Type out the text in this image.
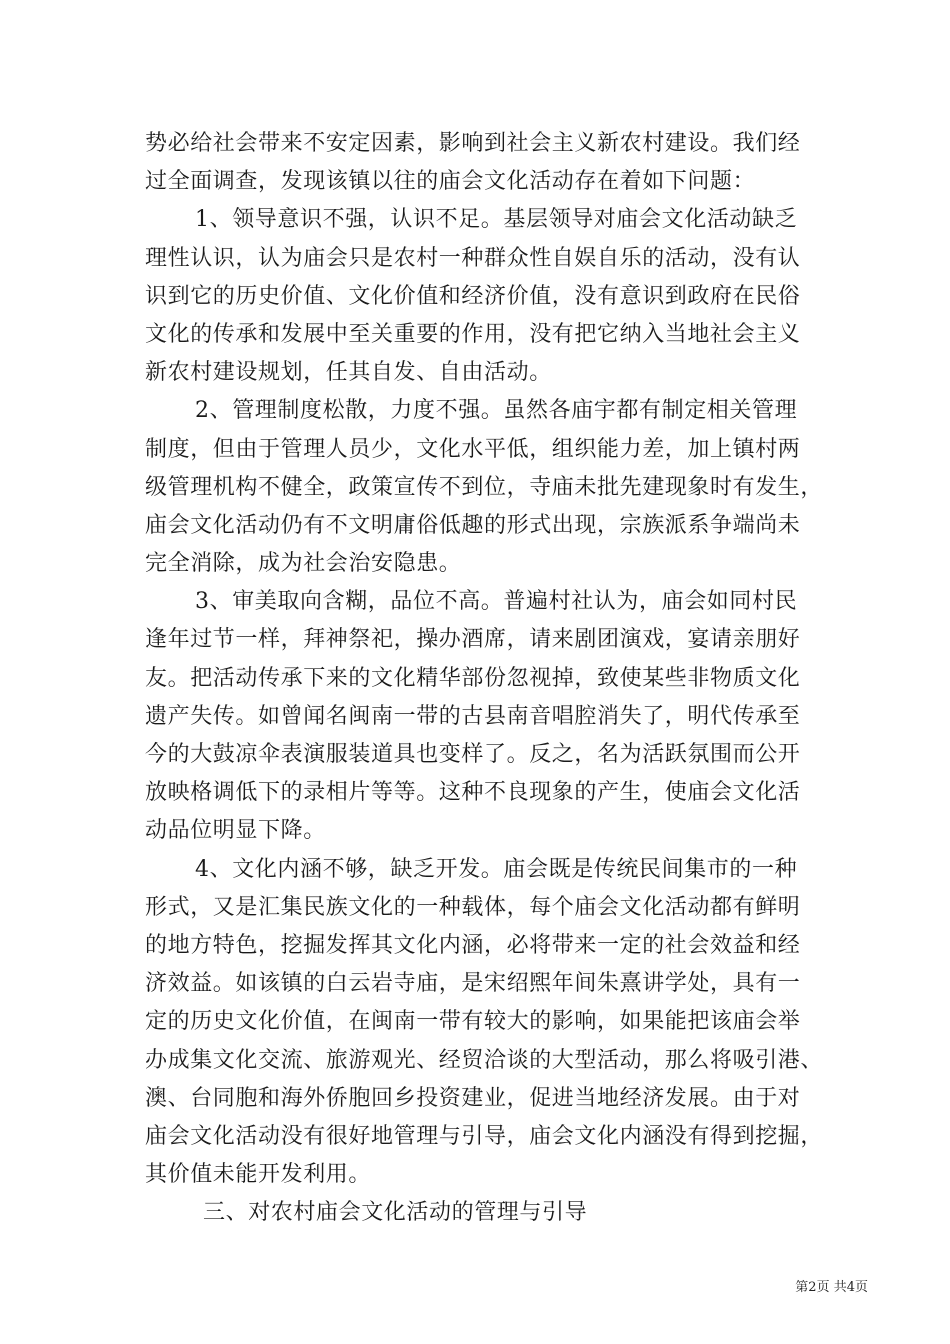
势必给社会带来不安定因素，影响到社会主义新农村建设。我们经
过全面调查，发现该镇以往的庙会文化活动存在着如下问题：
1、领导意识不强，认识不足。基层领导对庙会文化活动缺乏
理性认识，认为庙会只是农村一种群众性自娱自乐的活动，没有认
识到它的历史价值、文化价值和经济价值，没有意识到政府在民俗
文化的传承和发展中至关重要的作用，没有把它纳入当地社会主义
新农村建设规划，任其自发、自由活动。
2、管理制度松散，力度不强。虽然各庙宇都有制定相关管理
制度，但由于管理人员少，文化水平低，组织能力差，加上镇村两
级管理机构不健全，政策宣传不到位，寺庙未批先建现象时有发生，
庙会文化活动仍有不文明庸俗低趣的形式出现，宗族派系争端尚未
完全消除，成为社会治安隐患。
3、审美取向含糊，品位不高。普遍村社认为，庙会如同村民
逢年过节一样，拜神祭祀，操办酒席，请来剧团演戏，宴请亲朋好
友。把活动传承下来的文化精华部份忽视掉，致使某些非物质文化
遗产失传。如曾闻名闽南一带的古县南音唱腔消失了，明代传承至
今的大鼓凉伞表演服装道具也变样了。反之，名为活跃氛围而公开
放映格调低下的录相片等等。这种不良现象的产生，使庙会文化活
动品位明显下降。
4、文化内涵不够，缺乏开发。庙会既是传统民间集市的一种
形式，又是汇集民族文化的一种载体，每个庙会文化活动都有鲜明
的地方特色，挖掘发挥其文化内涵，必将带来一定的社会效益和经
济效益。如该镇的白云岩寺庙，是宋绍煕年间朱熹讲学处，具有一
定的历史文化价值，在闽南一带有较大的影响，如果能把该庙会举
办成集文化交流、旅游观光、经贸洽谈的大型活动，那么将吸引港、
澳、台同胞和海外侨胞回乡投资建业，促进当地经济发展。由于对
庙会文化活动没有很好地管理与引导，庙会文化内涵没有得到挖掘，
其价值未能开发利用。
三、对农村庙会文化活动的管理与引导
第2页 共4页
